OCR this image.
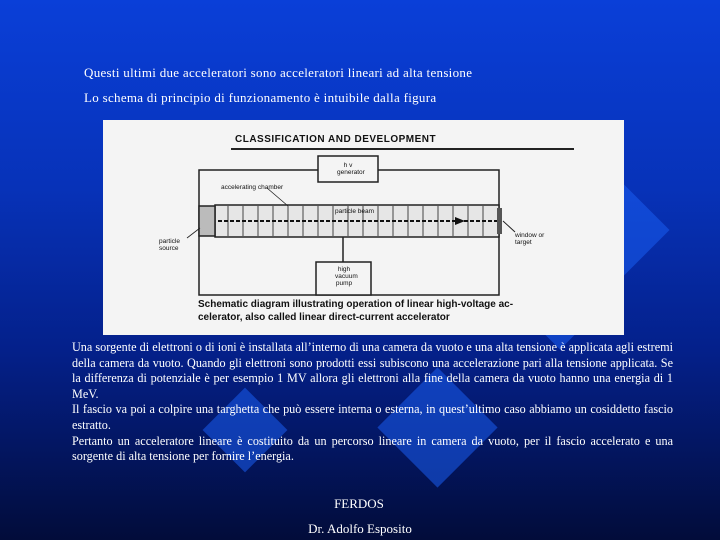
Questi ultimi due acceleratori sono acceleratori lineari ad alta tensione
Lo schema di principio di funzionamento è intuibile dalla figura
CLASSIFICATION AND DEVELOPMENT
h v
generator
accelerating chamber
particle beam
particle
source
window or
target
high
vacuum
pump
Schematic diagram illustrating operation of linear high-voltage ac-
celerator, also called linear direct-current accelerator

Una sorgente di elettroni o di ioni è installata all’interno di una camera da vuoto e una alta tensione è applicata agli estremi della camera da vuoto. Quando gli elettroni sono prodotti essi subiscono una accelerazione pari alla tensione applicata. Se la differenza di potenziale è per esempio 1 MV allora gli elettroni alla fine della camera da vuoto hanno una energia di 1 MeV.

Il fascio va poi a colpire una targhetta che può essere interna o esterna, in quest’ultimo caso abbiamo un cosiddetto fascio estratto.

Pertanto un acceleratore lineare è costituito da un percorso lineare in camera da vuoto, per il fascio accelerato e una sorgente di alta tensione per fornire l’energia.

FERDOS
Dr. Adolfo Esposito
